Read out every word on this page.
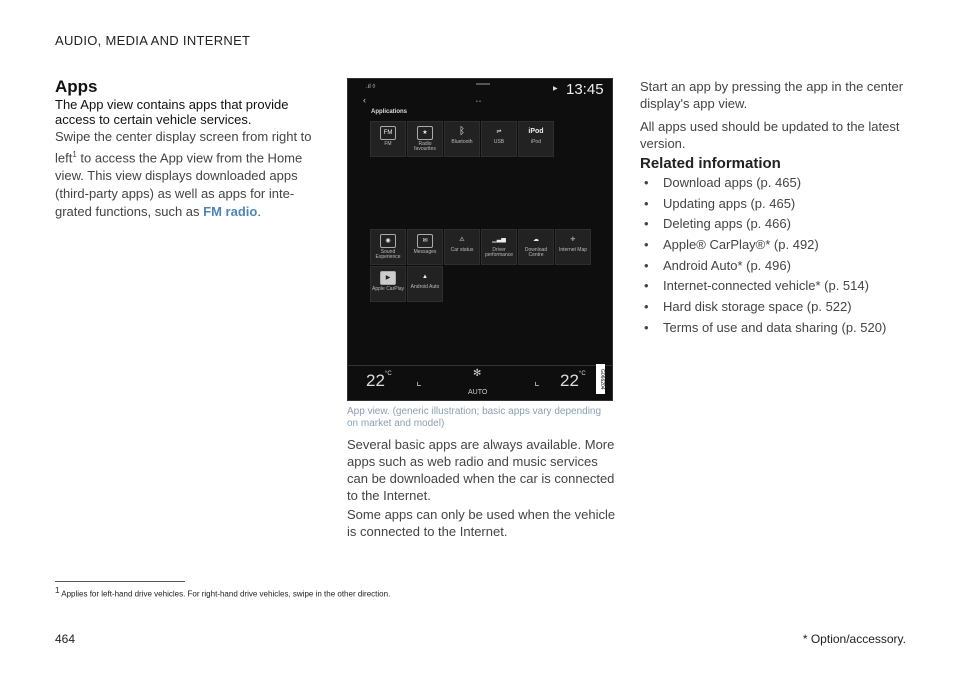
AUDIO, MEDIA AND INTERNET
Apps
The App view contains apps that provide access to certain vehicle services.
Swipe the center display screen from right to left$^1$ to access the App view from the Home view. This view displays downloaded apps (third-party apps) as well as apps for inte-grated functions, such as FM radio.
.ıl ◊	▶ 13:45
‹	• •
Applications
FM
FM
★
Radio favourites
ᛒ
Bluetooth
⇌
USB
iPod
iPod
◉
Sound Experience
✉
Messages
⚠
Car status
▁▃▅
Driver performance
☁
Download Centre
✛
Internet Map
▶
Apple CarPlay
▲
Android Auto
$22^{^\circ C}$ ⌞
✻
AUTO
⌞ $22^{^\circ C}$	G066204
App view. (generic illustration; basic apps vary depending on market and model)
Several basic apps are always available. More apps such as web radio and music services can be downloaded when the car is connected to the Internet.
Some apps can only be used when the vehicle is connected to the Internet.
Start an app by pressing the app in the center display's app view.
All apps used should be updated to the latest version.
Related information
• Download apps (p. 465)
• Updating apps (p. 465)
• Deleting apps (p. 466)
• Apple® CarPlay®* (p. 492)
• Android Auto* (p. 496)
• Internet-connected vehicle* (p. 514)
• Hard disk storage space (p. 522)
• Terms of use and data sharing (p. 520)
$^1$ Applies for left-hand drive vehicles. For right-hand drive vehicles, swipe in the other direction.
464	* Option/accessory.
